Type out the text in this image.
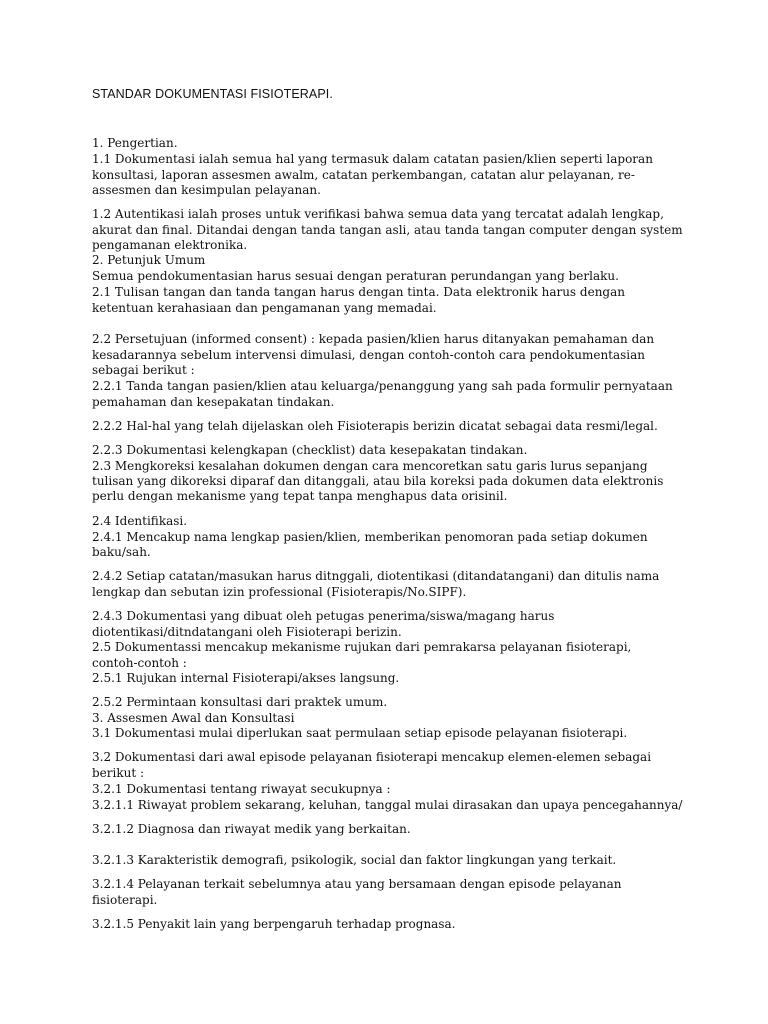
STANDAR DOKUMENTASI FISIOTERAPI.
1. Pengertian.
1.1 Dokumentasi ialah semua hal yang termasuk dalam catatan pasien/klien seperti laporan
konsultasi, laporan assesmen awalm, catatan perkembangan, catatan alur pelayanan, re-
assesmen dan kesimpulan pelayanan.
1.2 Autentikasi ialah proses untuk verifikasi bahwa semua data yang tercatat adalah lengkap,
akurat dan final. Ditandai dengan tanda tangan asli, atau tanda tangan computer dengan system
pengamanan elektronika.
2. Petunjuk Umum
Semua pendokumentasian harus sesuai dengan peraturan perundangan yang berlaku.
2.1 Tulisan tangan dan tanda tangan harus dengan tinta. Data elektronik harus dengan
ketentuan kerahasiaan dan pengamanan yang memadai.
2.2 Persetujuan (informed consent) : kepada pasien/klien harus ditanyakan pemahaman dan
kesadarannya sebelum intervensi dimulasi, dengan contoh-contoh cara pendokumentasian
sebagai berikut :
2.2.1 Tanda tangan pasien/klien atau keluarga/penanggung yang sah pada formulir pernyataan
pemahaman dan kesepakatan tindakan.
2.2.2 Hal-hal yang telah dijelaskan oleh Fisioterapis berizin dicatat sebagai data resmi/legal.
2.2.3 Dokumentasi kelengkapan (checklist) data kesepakatan tindakan.
2.3 Mengkoreksi kesalahan dokumen dengan cara mencoretkan satu garis lurus sepanjang
tulisan yang dikoreksi diparaf dan ditanggali, atau bila koreksi pada dokumen data elektronis
perlu dengan mekanisme yang tepat tanpa menghapus data orisinil.
2.4 Identifikasi.
2.4.1 Mencakup nama lengkap pasien/klien, memberikan penomoran pada setiap dokumen
baku/sah.
2.4.2 Setiap catatan/masukan harus ditnggali, diotentikasi (ditandatangani) dan ditulis nama
lengkap dan sebutan izin professional (Fisioterapis/No.SIPF).
2.4.3 Dokumentasi yang dibuat oleh petugas penerima/siswa/magang harus
diotentikasi/ditndatangani oleh Fisioterapi berizin.
2.5 Dokumentassi mencakup mekanisme rujukan dari pemrakarsa pelayanan fisioterapi,
contoh-contoh :
2.5.1 Rujukan internal Fisioterapi/akses langsung.
2.5.2 Permintaan konsultasi dari praktek umum.
3. Assesmen Awal dan Konsultasi
3.1 Dokumentasi mulai diperlukan saat permulaan setiap episode pelayanan fisioterapi.
3.2 Dokumentasi dari awal episode pelayanan fisioterapi mencakup elemen-elemen sebagai
berikut :
3.2.1 Dokumentasi tentang riwayat secukupnya :
3.2.1.1 Riwayat problem sekarang, keluhan, tanggal mulai dirasakan dan upaya pencegahannya/
3.2.1.2 Diagnosa dan riwayat medik yang berkaitan.
3.2.1.3 Karakteristik demografi, psikologik, social dan faktor lingkungan yang terkait.
3.2.1.4 Pelayanan terkait sebelumnya atau yang bersamaan dengan episode pelayanan
fisioterapi.
3.2.1.5 Penyakit lain yang berpengaruh terhadap prognasa.
